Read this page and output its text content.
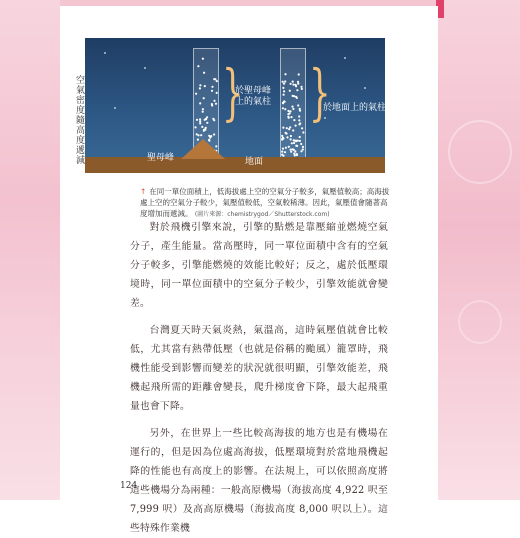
空氣密度隨高度遞減
}
於聖母峰上的氣柱 }
於地面上的氣柱
聖母峰	地面
↑ 在同一單位面積上，低海拔處上空的空氣分子較多，氣壓值較高；高海拔處上空的空氣分子較少，氣壓值較低，空氣較稀薄。因此，氣壓值會隨著高度增加而遞減。 (圖片來源：chemistrygod／Shutterstock.com)

對於飛機引擎來說，引擎的點燃是靠壓縮並燃燒空氣分子，產生能量。當高壓時，同一單位面積中含有的空氣分子較多，引擎能燃燒的效能比較好；反之，處於低壓環境時，同一單位面積中的空氣分子較少，引擎效能就會變差。

台灣夏天時天氣炎熱，氣溫高，這時氣壓值就會比較低，尤其當有熱帶低壓（也就是俗稱的颱風）籠罩時，飛機性能受到影響而變差的狀況就很明顯，引擎效能差，飛機起飛所需的距離會變長，爬升梯度會下降，最大起飛重量也會下降。

另外，在世界上一些比較高海拔的地方也是有機場在運行的，但是因為位處高海拔，低壓環境對於當地飛機起降的性能也有高度上的影響。在法規上，可以依照高度將這些機場分為兩種：一般高原機場（海拔高度 4,922 呎至 7,999 呎）及高高原機場（海拔高度 8,000 呎以上）。這些特殊作業機

124
